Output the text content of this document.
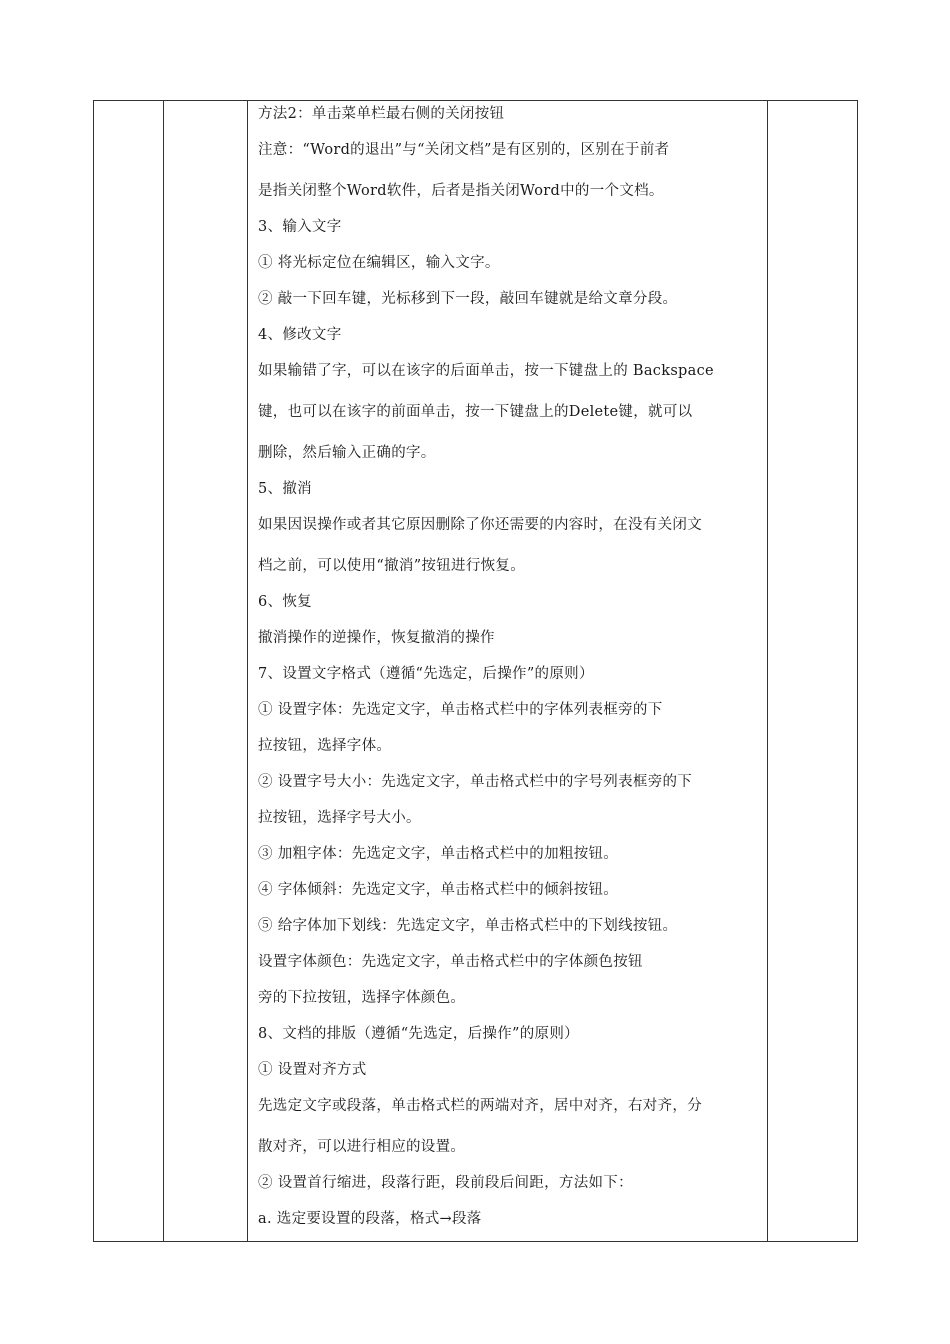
方法2：单击菜单栏最右侧的关闭按钮
注意：“Word的退出”与“关闭文档”是有区别的，区别在于前者
是指关闭整个Word软件，后者是指关闭Word中的一个文档。
3、输入文字
① 将光标定位在编辑区，输入文字。
② 敲一下回车键，光标移到下一段，敲回车键就是给文章分段。
4、修改文字
如果输错了字，可以在该字的后面单击，按一下键盘上的 Backspace
键，也可以在该字的前面单击，按一下键盘上的Delete键，就可以
删除，然后输入正确的字。
5、撤消
如果因误操作或者其它原因删除了你还需要的内容时，在没有关闭文
档之前，可以使用“撤消”按钮进行恢复。
6、恢复
撤消操作的逆操作，恢复撤消的操作
7、设置文字格式（遵循“先选定，后操作”的原则）
① 设置字体：先选定文字，单击格式栏中的字体列表框旁的下
拉按钮，选择字体。
② 设置字号大小：先选定文字，单击格式栏中的字号列表框旁的下
拉按钮，选择字号大小。
③ 加粗字体：先选定文字，单击格式栏中的加粗按钮。
④ 字体倾斜：先选定文字，单击格式栏中的倾斜按钮。
⑤ 给字体加下划线：先选定文字，单击格式栏中的下划线按钮。
设置字体颜色：先选定文字，单击格式栏中的字体颜色按钮
旁的下拉按钮，选择字体颜色。
8、文档的排版（遵循“先选定，后操作”的原则）
① 设置对齐方式
先选定文字或段落，单击格式栏的两端对齐，居中对齐，右对齐，分
散对齐，可以进行相应的设置。
② 设置首行缩进，段落行距，段前段后间距，方法如下：
a. 选定要设置的段落，格式→段落
